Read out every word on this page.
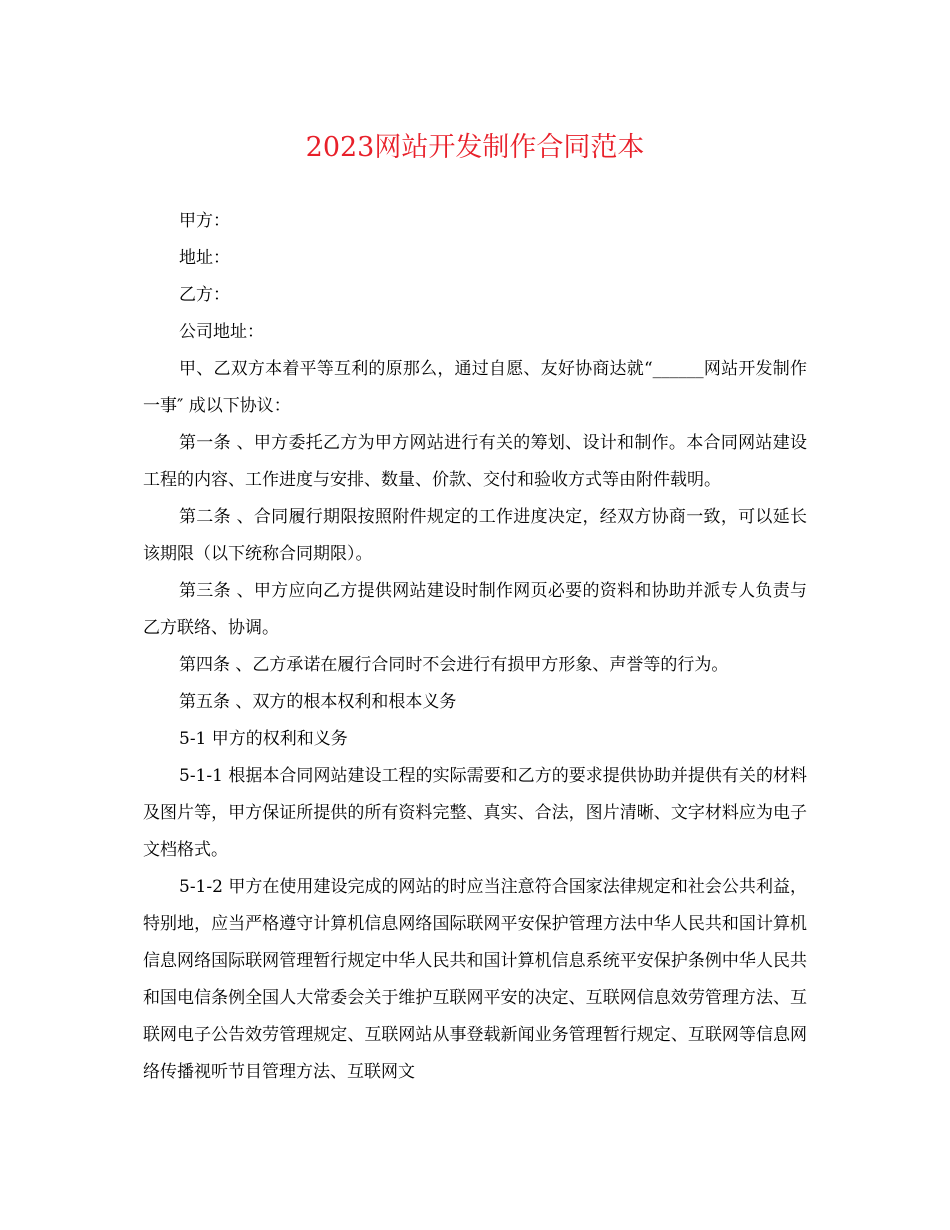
2023网站开发制作合同范本

甲方：

地址：

乙方：

公司地址：

甲、乙双方本着平等互利的原那么，通过自愿、友好协商达就“______网站开发制作一事″ 成以下协议：

第一条 、甲方委托乙方为甲方网站进行有关的筹划、设计和制作。本合同网站建设工程的内容、工作进度与安排、数量、价款、交付和验收方式等由附件载明。

第二条 、合同履行期限按照附件规定的工作进度决定，经双方协商一致，可以延长该期限（以下统称合同期限）。

第三条 、甲方应向乙方提供网站建设时制作网页必要的资料和协助并派专人负责与乙方联络、协调。

第四条 、乙方承诺在履行合同时不会进行有损甲方形象、声誉等的行为。

第五条 、双方的根本权利和根本义务

5-1 甲方的权利和义务

5-1-1 根据本合同网站建设工程的实际需要和乙方的要求提供协助并提供有关的材料及图片等，甲方保证所提供的所有资料完整、真实、合法，图片清晰、文字材料应为电子文档格式。

5-1-2 甲方在使用建设完成的网站的时应当注意符合国家法律规定和社会公共利益，特别地，应当严格遵守计算机信息网络国际联网平安保护管理方法中华人民共和国计算机信息网络国际联网管理暂行规定中华人民共和国计算机信息系统平安保护条例中华人民共和国电信条例全国人大常委会关于维护互联网平安的决定、互联网信息效劳管理方法、互联网电子公告效劳管理规定、互联网站从事登载新闻业务管理暂行规定、互联网等信息网络传播视听节目管理方法、互联网文
